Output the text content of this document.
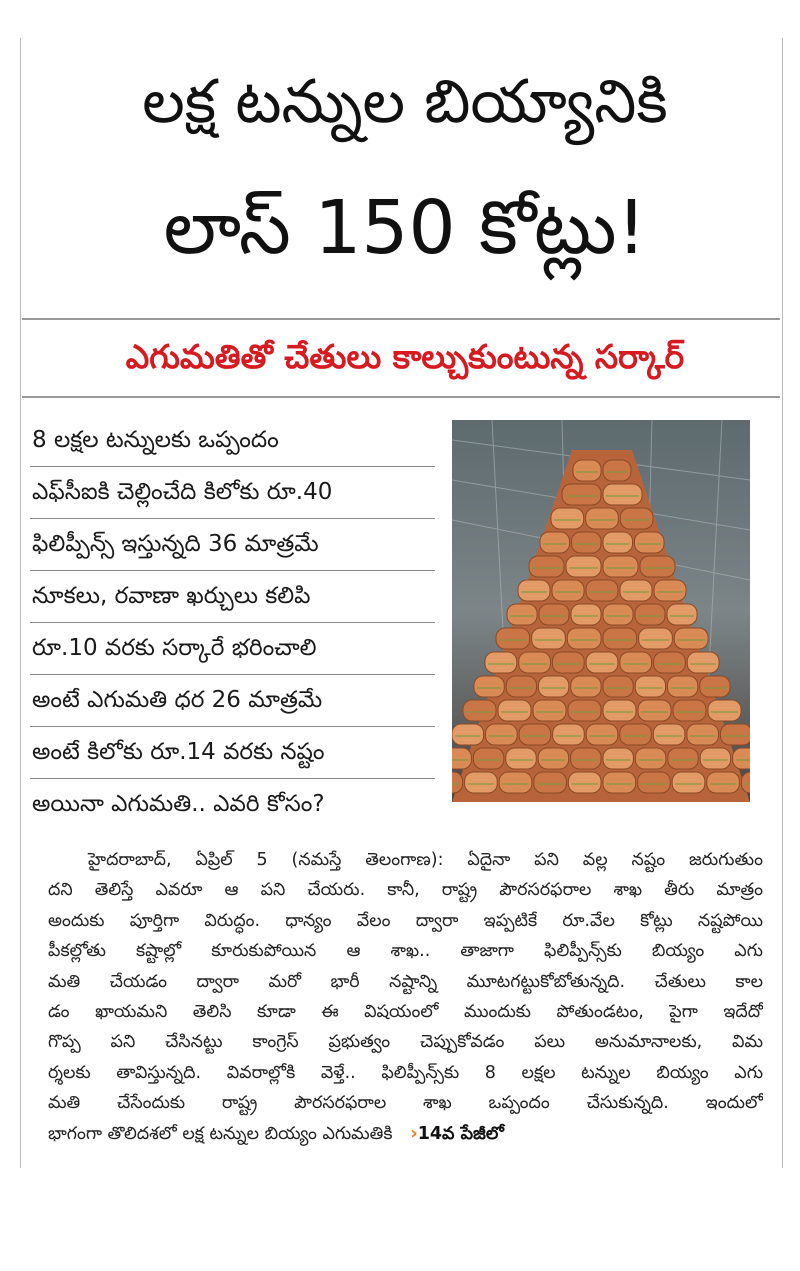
లక్ష టన్నుల బియ్యానికి
లాస్ 150 కోట్లు!
ఎగుమతితో చేతులు కాల్చుకుంటున్న సర్కార్
8 లక్షల టన్నులకు ఒప్పందం
ఎఫ్‌సీఐకి చెల్లించేది కిలోకు రూ.40
ఫిలిప్పీన్స్ ఇస్తున్నది 36 మాత్రమే
నూకలు, రవాణా ఖర్చులు కలిపి
రూ.10 వరకు సర్కారే భరించాలి
అంటే ఎగుమతి ధర 26 మాత్రమే
అంటే కిలోకు రూ.14 వరకు నష్టం
అయినా ఎగుమతి.. ఎవరి కోసం?
హైదరాబాద్, ఏప్రిల్ 5 (నమస్తే తెలంగాణ): ఏదైనా పని వల్ల నష్టం జరుగుతుం
దని తెలిస్తే ఎవరూ ఆ పని చేయరు. కానీ, రాష్ట్ర పౌరసరఫరాల శాఖ తీరు మాత్రం
అందుకు పూర్తిగా విరుద్ధం. ధాన్యం వేలం ద్వారా ఇప్పటికే రూ.వేల కోట్లు నష్టపోయి
పీకల్లోతు కష్టాల్లో కూరుకుపోయిన ఆ శాఖ.. తాజాగా ఫిలిప్పీన్స్‌కు బియ్యం ఎగు
మతి చేయడం ద్వారా మరో భారీ నష్టాన్ని మూటగట్టుకోబోతున్నది. చేతులు కాల
డం ఖాయమని తెలిసి కూడా ఈ విషయంలో ముందుకు పోతుండటం, పైగా ఇదేదో
గొప్ప పని చేసినట్టు కాంగ్రెస్ ప్రభుత్వం చెప్పుకోవడం పలు అనుమానాలకు, విమ
ర్శలకు తావిస్తున్నది. వివరాల్లోకి వెళ్తే.. ఫిలిప్పీన్స్‌కు 8 లక్షల టన్నుల బియ్యం ఎగు
మతి చేసేందుకు రాష్ట్ర పౌరసరఫరాల శాఖ ఒప్పందం చేసుకున్నది. ఇందులో
భాగంగా తొలిదశలో లక్ష టన్నుల బియ్యం ఎగుమతికి ›14వ పేజీలో
